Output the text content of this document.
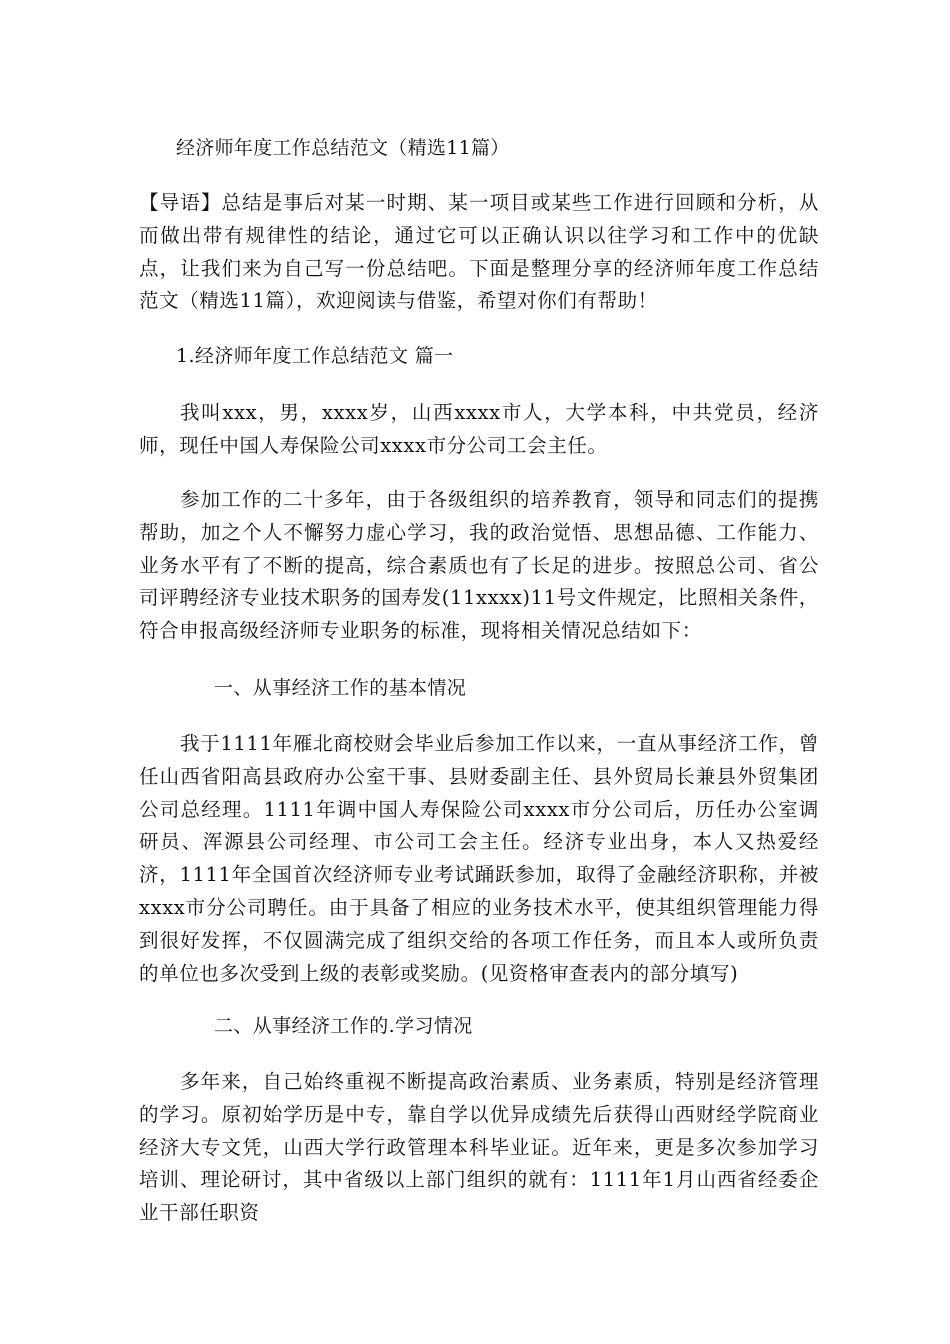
经济师年度工作总结范文（精选11篇）
【导语】总结是事后对某一时期、某一项目或某些工作进行回顾和分析，从而做出带有规律性的结论，通过它可以正确认识以往学习和工作中的优缺点，让我们来为自己写一份总结吧。下面是整理分享的经济师年度工作总结范文（精选11篇），欢迎阅读与借鉴，希望对你们有帮助！
1.经济师年度工作总结范文 篇一
我叫xxx，男，xxxx岁，山西xxxx市人，大学本科，中共党员，经济师，现任中国人寿保险公司xxxx市分公司工会主任。
参加工作的二十多年，由于各级组织的培养教育，领导和同志们的提携帮助，加之个人不懈努力虚心学习，我的政治觉悟、思想品德、工作能力、业务水平有了不断的提高，综合素质也有了长足的进步。按照总公司、省公司评聘经济专业技术职务的国寿发(11xxxx)11号文件规定，比照相关条件，符合申报高级经济师专业职务的标准，现将相关情况总结如下：
一、从事经济工作的基本情况
我于1111年雁北商校财会毕业后参加工作以来，一直从事经济工作，曾任山西省阳高县政府办公室干事、县财委副主任、县外贸局长兼县外贸集团公司总经理。1111年调中国人寿保险公司xxxx市分公司后，历任办公室调研员、浑源县公司经理、市公司工会主任。经济专业出身，本人又热爱经济，1111年全国首次经济师专业考试踊跃参加，取得了金融经济职称，并被xxxx市分公司聘任。由于具备了相应的业务技术水平，使其组织管理能力得到很好发挥，不仅圆满完成了组织交给的各项工作任务，而且本人或所负责的单位也多次受到上级的表彰或奖励。(见资格审查表内的部分填写)
二、从事经济工作的.学习情况
多年来，自己始终重视不断提高政治素质、业务素质，特别是经济管理的学习。原初始学历是中专，靠自学以优异成绩先后获得山西财经学院商业经济大专文凭，山西大学行政管理本科毕业证。近年来，更是多次参加学习培训、理论研讨，其中省级以上部门组织的就有：1111年1月山西省经委企业干部任职资
